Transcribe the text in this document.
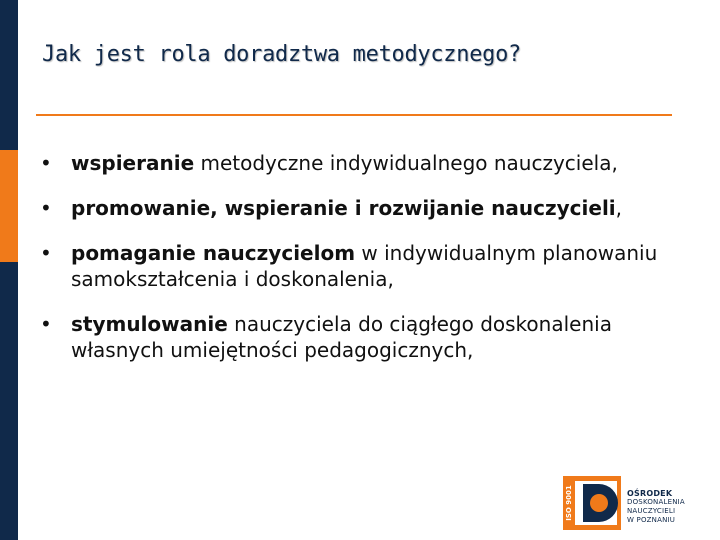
Jak jest rola doradztwa metodycznego?
• wspieranie metodyczne indywidualnego nauczyciela,
• promowanie, wspieranie i rozwijanie nauczycieli,
• pomaganie nauczycielom w indywidualnym planowaniu samokształcenia i doskonalenia,
• stymulowanie nauczyciela do ciągłego doskonalenia własnych umiejętności pedagogicznych,
ISO 9001	OŚRODEK
DOSKONALENIA
NAUCZYCIELI
W POZNANIU
